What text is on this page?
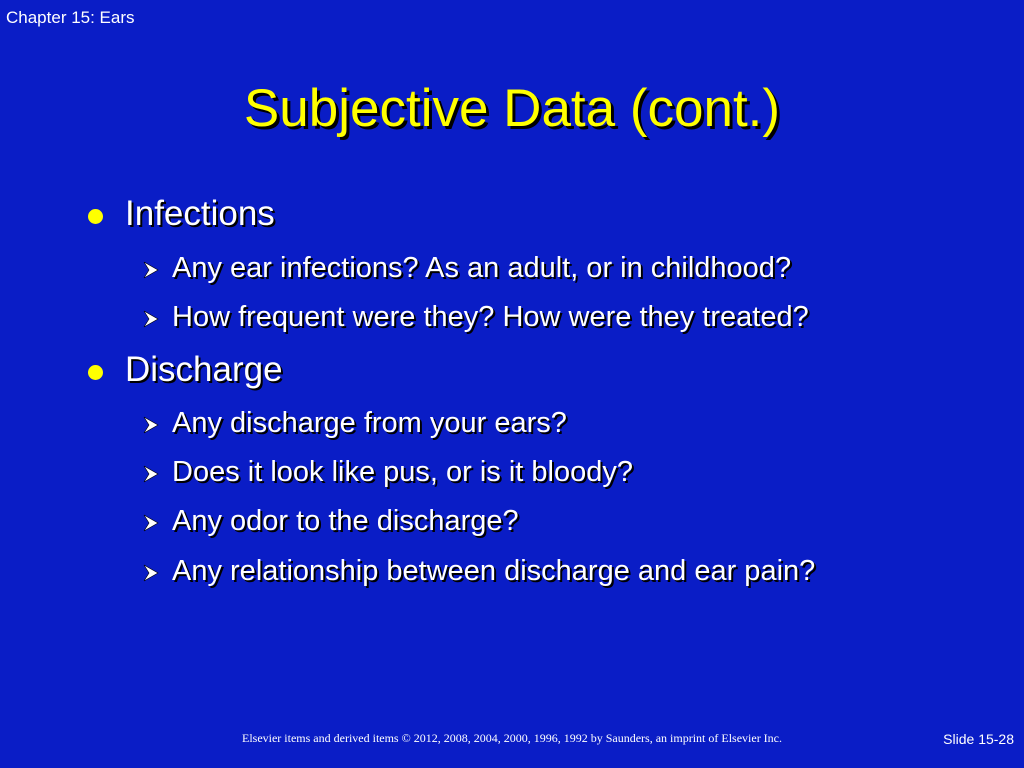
Chapter 15: Ears
Subjective Data (cont.)
Infections
Any ear infections? As an adult, or in childhood?
How frequent were they? How were they treated?
Discharge
Any discharge from your ears?
Does it look like pus, or is it bloody?
Any odor to the discharge?
Any relationship between discharge and ear pain?
Elsevier items and derived items © 2012, 2008, 2004, 2000, 1996, 1992 by Saunders, an imprint of Elsevier Inc.	Slide 15-28
